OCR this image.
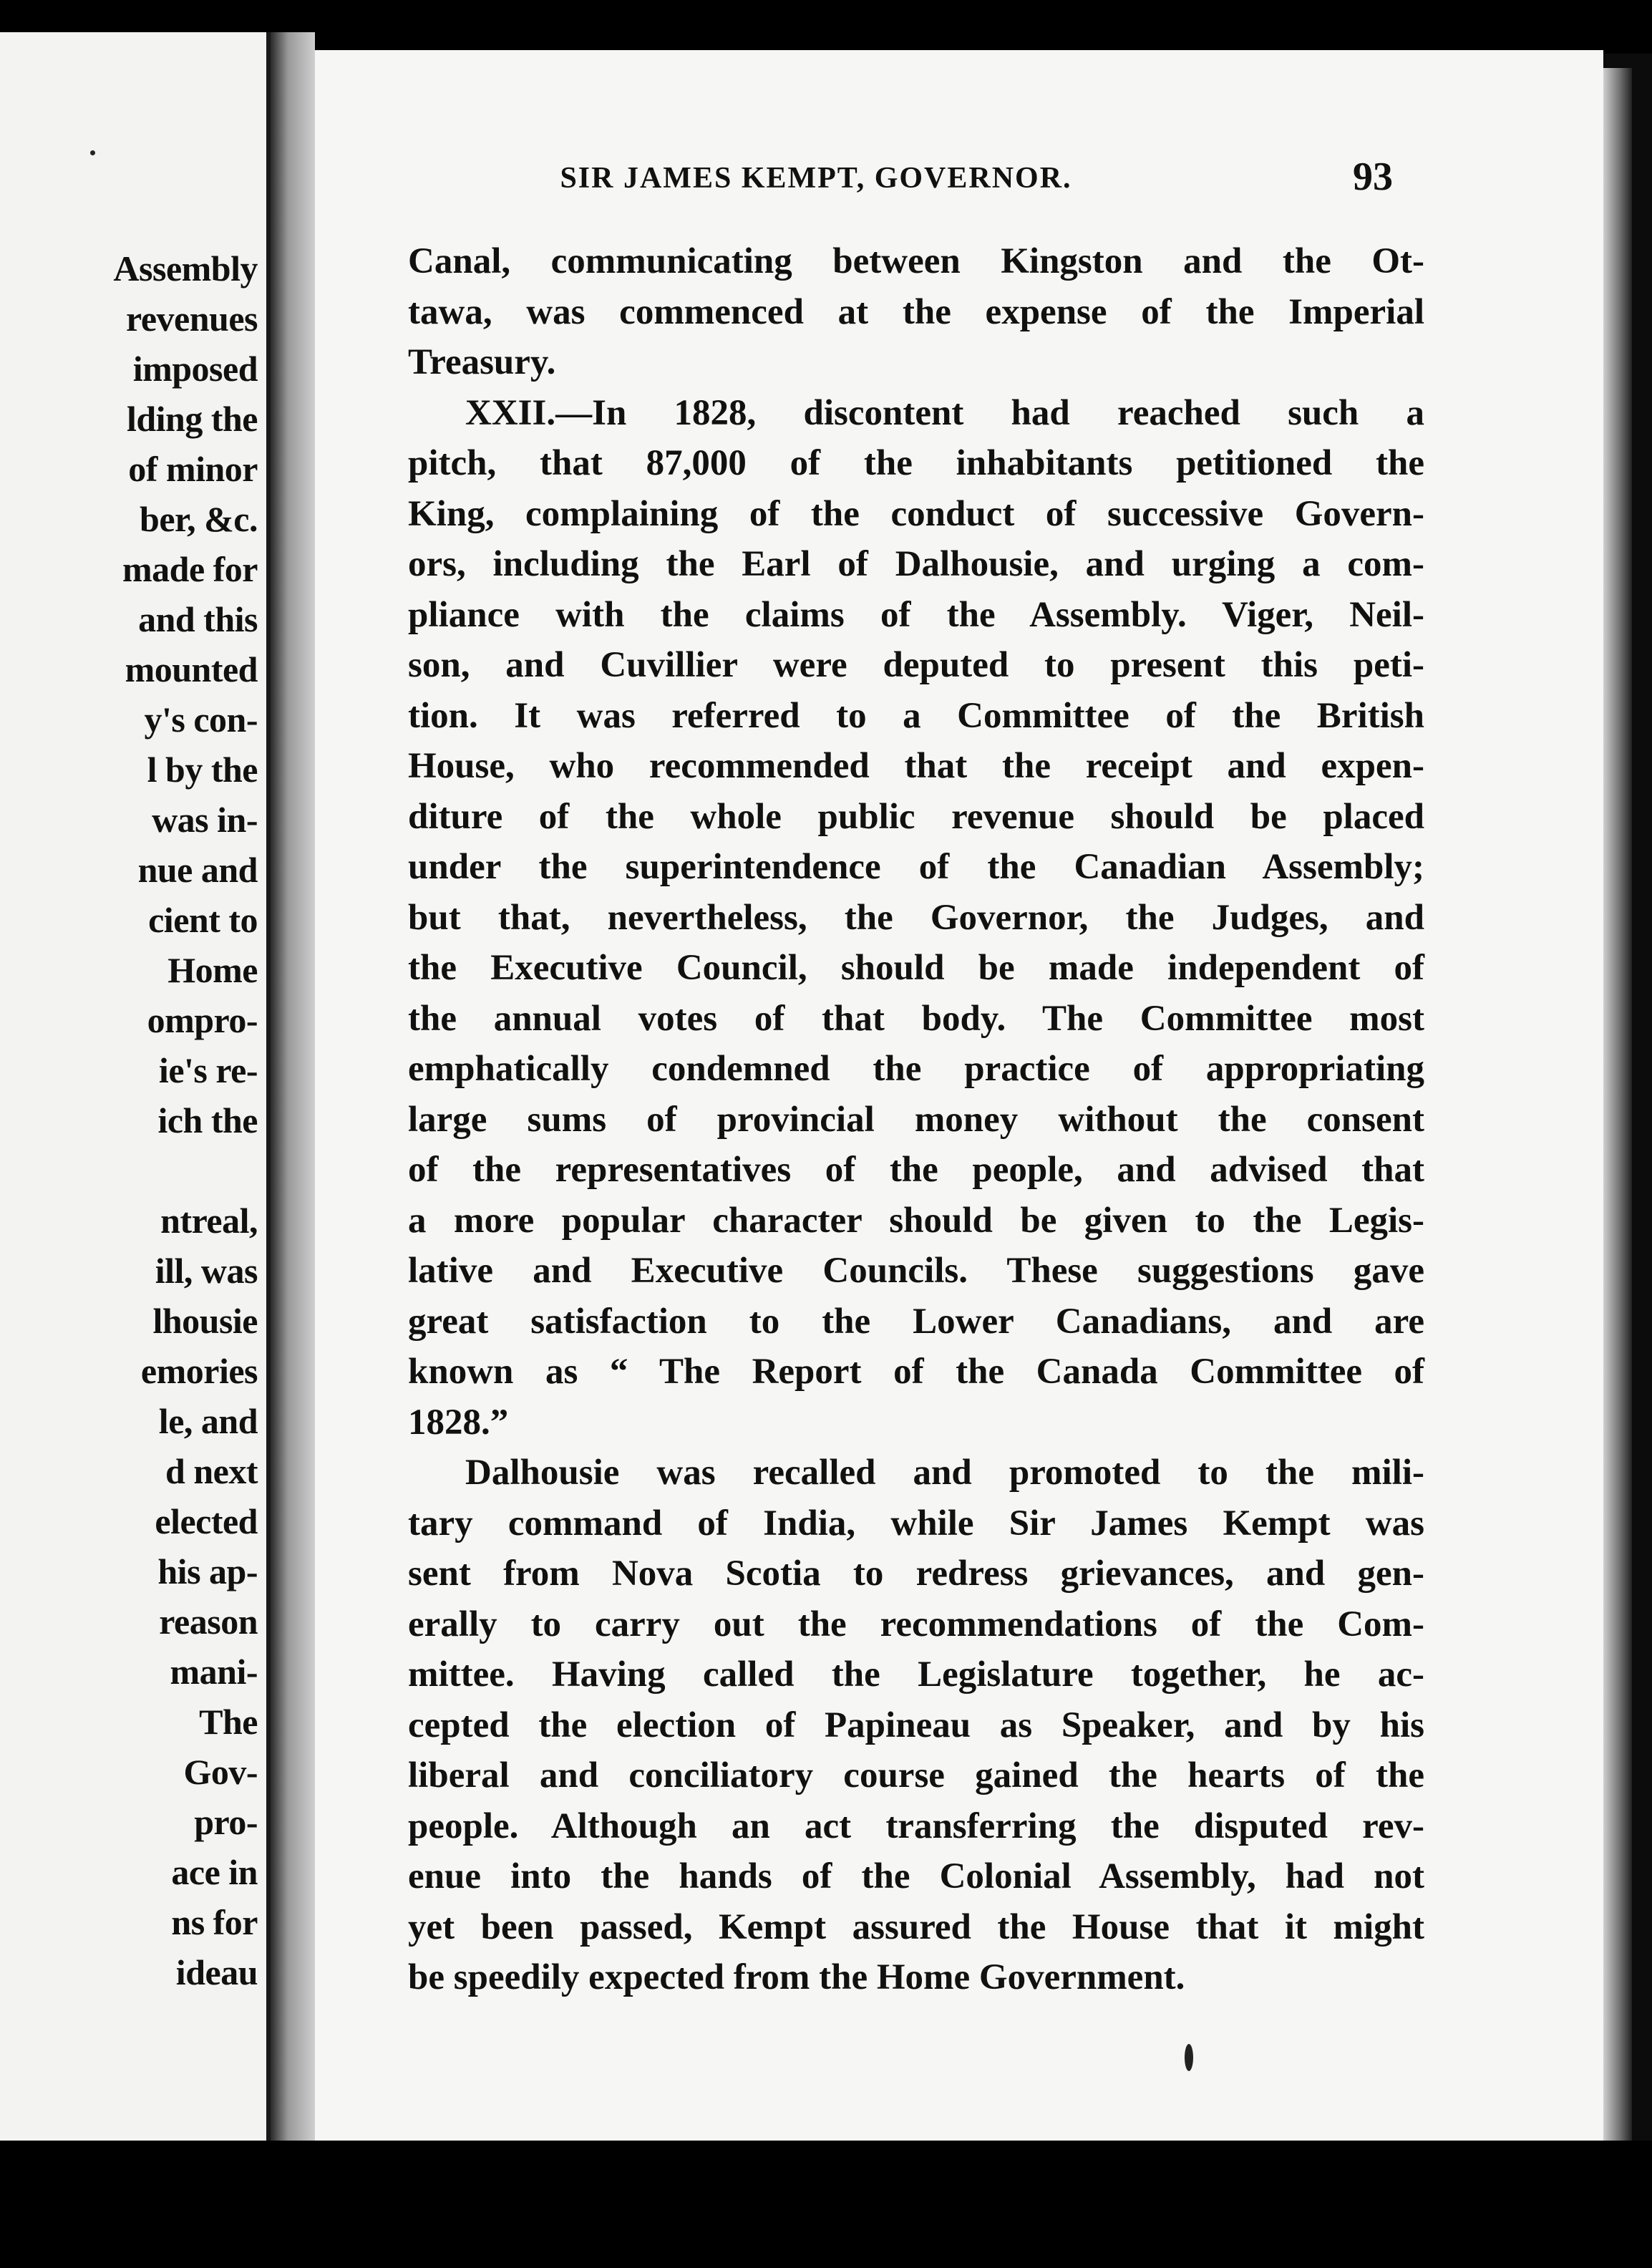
Assembly
revenues
imposed
lding the
of minor
ber, &c.
made for
and this
mounted
y's con-
l by the
was in-
nue and
cient to
Home
ompro-
ie's re-
ich the
ntreal,
ill, was
lhousie
emories
le, and
d next
elected
his ap-
reason
mani-
The
Gov-
pro-
ace in
ns for
ideau
SIR JAMES KEMPT, GOVERNOR.	93
Canal, communicating between Kingston and the Ot-
tawa, was commenced at the expense of the Imperial
Treasury.
XXII.—In 1828, discontent had reached such a
pitch, that 87,000 of the inhabitants petitioned the
King, complaining of the conduct of successive Govern-
ors, including the Earl of Dalhousie, and urging a com-
pliance with the claims of the Assembly. Viger, Neil-
son, and Cuvillier were deputed to present this peti-
tion. It was referred to a Committee of the British
House, who recommended that the receipt and expen-
diture of the whole public revenue should be placed
under the superintendence of the Canadian Assembly;
but that, nevertheless, the Governor, the Judges, and
the Executive Council, should be made independent of
the annual votes of that body. The Committee most
emphatically condemned the practice of appropriating
large sums of provincial money without the consent
of the representatives of the people, and advised that
a more popular character should be given to the Legis-
lative and Executive Councils. These suggestions gave
great satisfaction to the Lower Canadians, and are
known as “ The Report of the Canada Committee of
1828.”
Dalhousie was recalled and promoted to the mili-
tary command of India, while Sir James Kempt was
sent from Nova Scotia to redress grievances, and gen-
erally to carry out the recommendations of the Com-
mittee. Having called the Legislature together, he ac-
cepted the election of Papineau as Speaker, and by his
liberal and conciliatory course gained the hearts of the
people. Although an act transferring the disputed rev-
enue into the hands of the Colonial Assembly, had not
yet been passed, Kempt assured the House that it might
be speedily expected from the Home Government.
